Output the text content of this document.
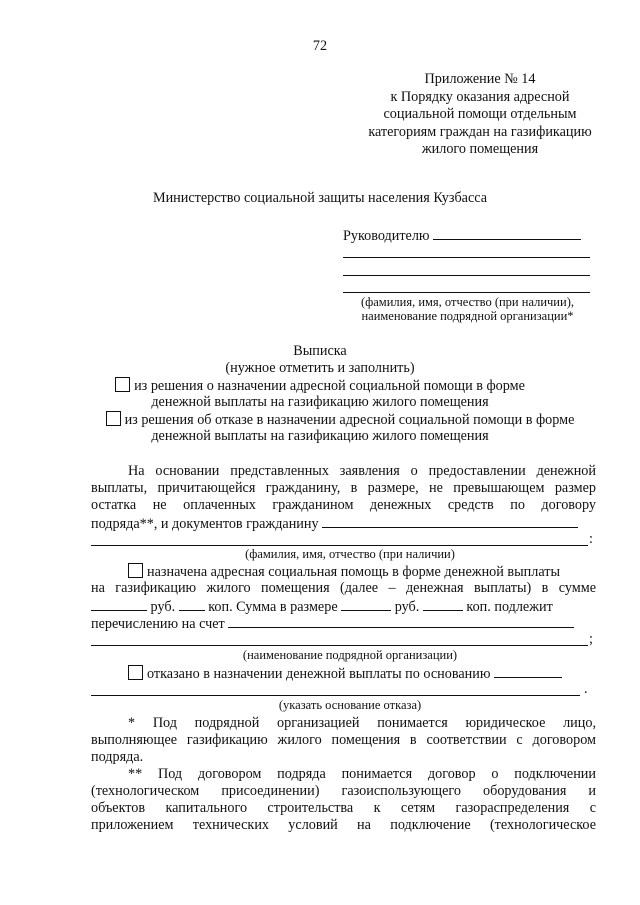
72
Приложение № 14
к Порядку оказания адресной
социальной помощи отдельным
категориям граждан на газификацию
жилого помещения
Министерство социальной защиты населения Кузбасса
Руководителю
(фамилия, имя, отчество (при наличии),
наименование подрядной организации*
Выписка
(нужное отметить и заполнить)
из решения о назначении адресной социальной помощи в форме
денежной выплаты на газификацию жилого помещения
из решения об отказе в назначении адресной социальной помощи в форме
денежной выплаты на газификацию жилого помещения
На основании представленных заявления о предоставлении денежной
выплаты, причитающейся гражданину, в размере, не превышающем размер
остатка не оплаченных гражданином денежных средств по договору
подряда**, и документов гражданину
:
(фамилия, имя, отчество (при наличии)
назначена адресная социальная помощь в форме денежной выплаты
на газификацию жилого помещения (далее – денежная выплаты) в сумме
руб. коп. Сумма в размере	руб.	коп. подлежит
перечислению на счет
;
(наименование подрядной организации)
отказано в назначении денежной выплаты по основанию
.
(указать основание отказа)
* Под подрядной организацией понимается юридическое лицо,
выполняющее газификацию жилого помещения в соответствии с договором
подряда.
** Под договором подряда понимается договор о подключении
(технологическом присоединении) газоиспользующего оборудования и
объектов капитального строительства к сетям газораспределения с
приложением технических условий на подключение (технологическое
